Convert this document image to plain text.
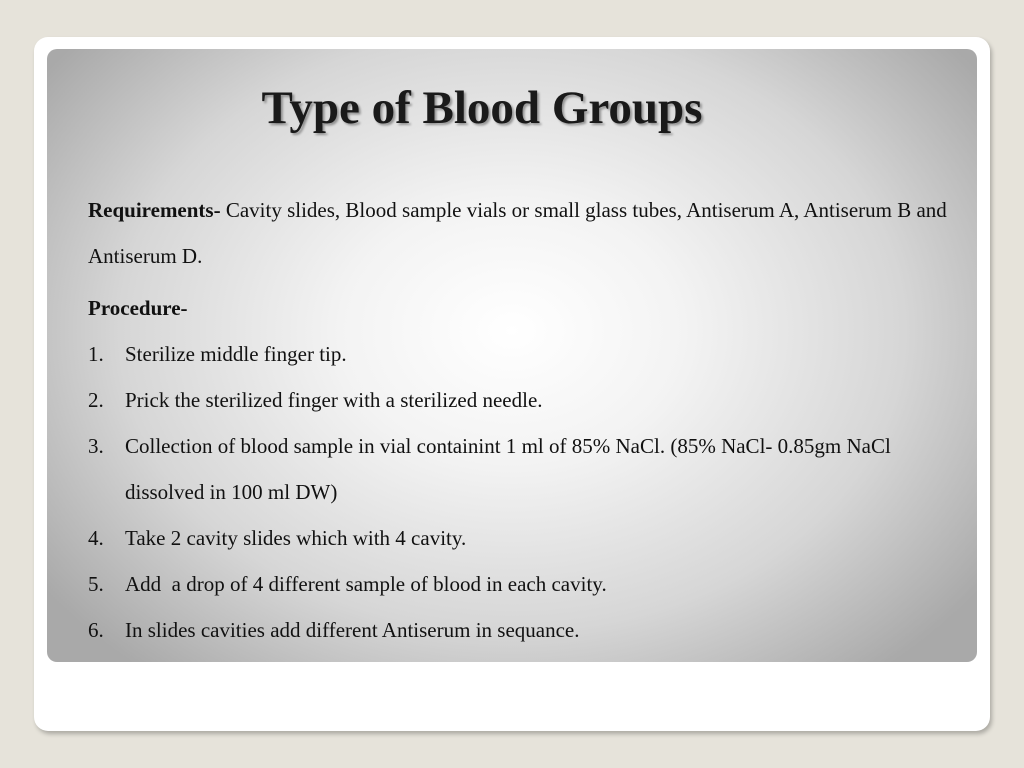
Type of Blood Groups

Requirements- Cavity slides, Blood sample vials or small glass tubes, Antiserum A, Antiserum B and Antiserum D.

Procedure-

1.	Sterilize middle finger tip.
2.	Prick the sterilized finger with a sterilized needle.
3.	Collection of blood sample in vial containint 1 ml of 85% NaCl. (85% NaCl- 0.85gm NaCl dissolved in 100 ml DW)
4.	Take 2 cavity slides which with 4 cavity.
5.	Add  a drop of 4 different sample of blood in each cavity.
6.	In slides cavities add different Antiserum in sequance.
